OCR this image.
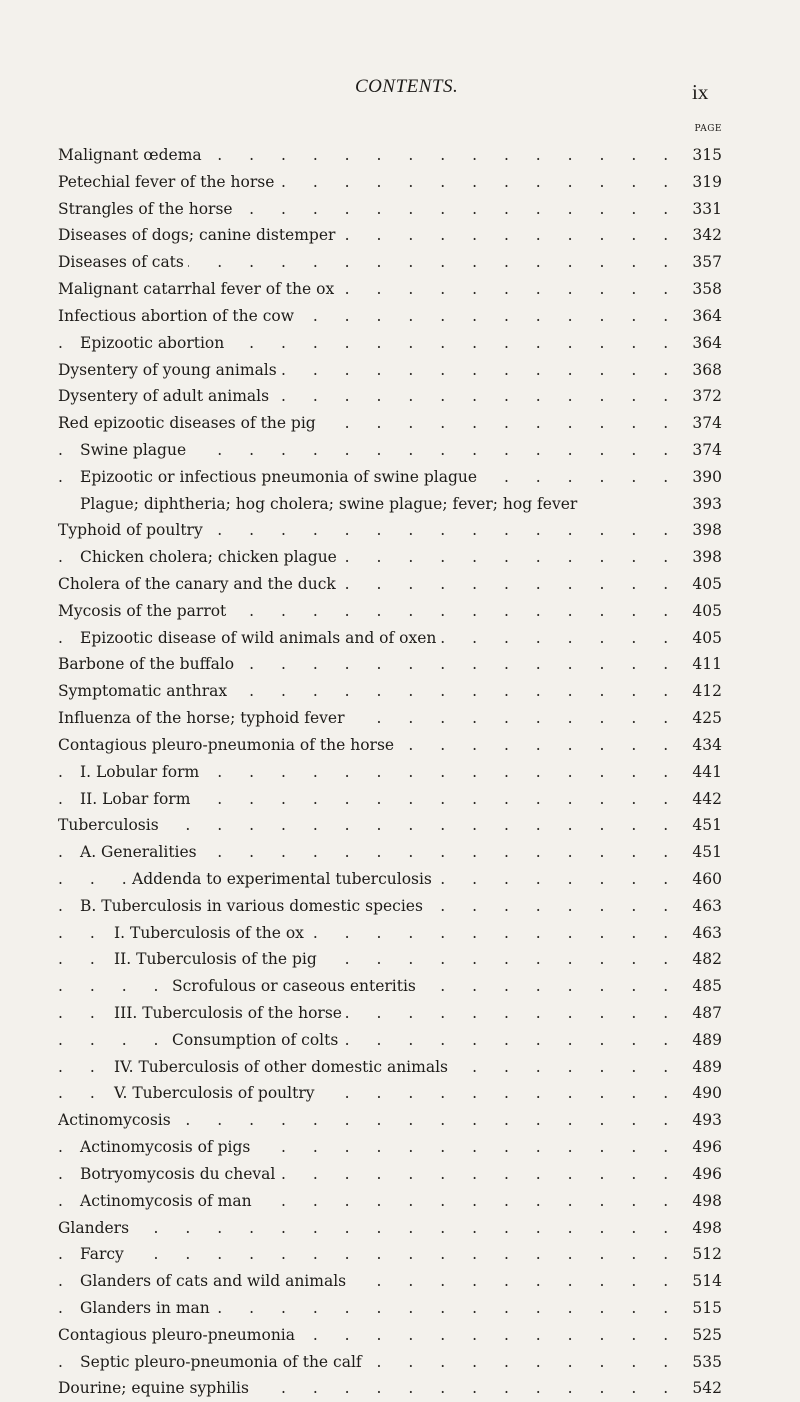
CONTENTS.	ix
PAGE
. . .
Malignant œdema	315
. . .
Petechial fever of the horse	319
. . .
Strangles of the horse	331
. . .
Diseases of dogs; canine distemper	342
. . .
Diseases of cats	357
. . .
Malignant catarrhal fever of the ox	358
. . .
Infectious abortion of the cow	364
. . .
Epizootic abortion	364
. . .
Dysentery of young animals	368
. . .
Dysentery of adult animals	372
. . .
Red epizootic diseases of the pig	374
. . .
Swine plague	374
. . .
Epizootic or infectious pneumonia of swine plague	390
Plague; diphtheria; hog cholera; swine plague; fever; hog fever	393
. . .
Typhoid of poultry	398
. . .
Chicken cholera; chicken plague	398
. . .
Cholera of the canary and the duck	405
. . .
Mycosis of the parrot	405
. . .
Epizootic disease of wild animals and of oxen	405
. . .
Barbone of the buffalo	411
. . .
Symptomatic anthrax	412
. . .
Influenza of the horse; typhoid fever	425
. . .
Contagious pleuro-pneumonia of the horse	434
. . .
I. Lobular form	441
. . .
II. Lobar form	442
. . .
Tuberculosis	451
. . .
A. Generalities	451
. . .
Addenda to experimental tuberculosis	460
. . .
B. Tuberculosis in various domestic species	463
. . .
I. Tuberculosis of the ox	463
. . .
II. Tuberculosis of the pig	482
. . .
Scrofulous or caseous enteritis	485
. . .
III. Tuberculosis of the horse	487
. . .
Consumption of colts	489
. . .
IV. Tuberculosis of other domestic animals	489
. . .
V. Tuberculosis of poultry	490
. . .
Actinomycosis	493
. . .
Actinomycosis of pigs	496
. . .
Botryomycosis du cheval	496
. . .
Actinomycosis of man	498
. . .
Glanders	498
. . .
Farcy	512
. . .
Glanders of cats and wild animals	514
. . .
Glanders in man	515
. . .
Contagious pleuro-pneumonia	525
. . .
Septic pleuro-pneumonia of the calf	535
. . .
Dourine; equine syphilis	542
